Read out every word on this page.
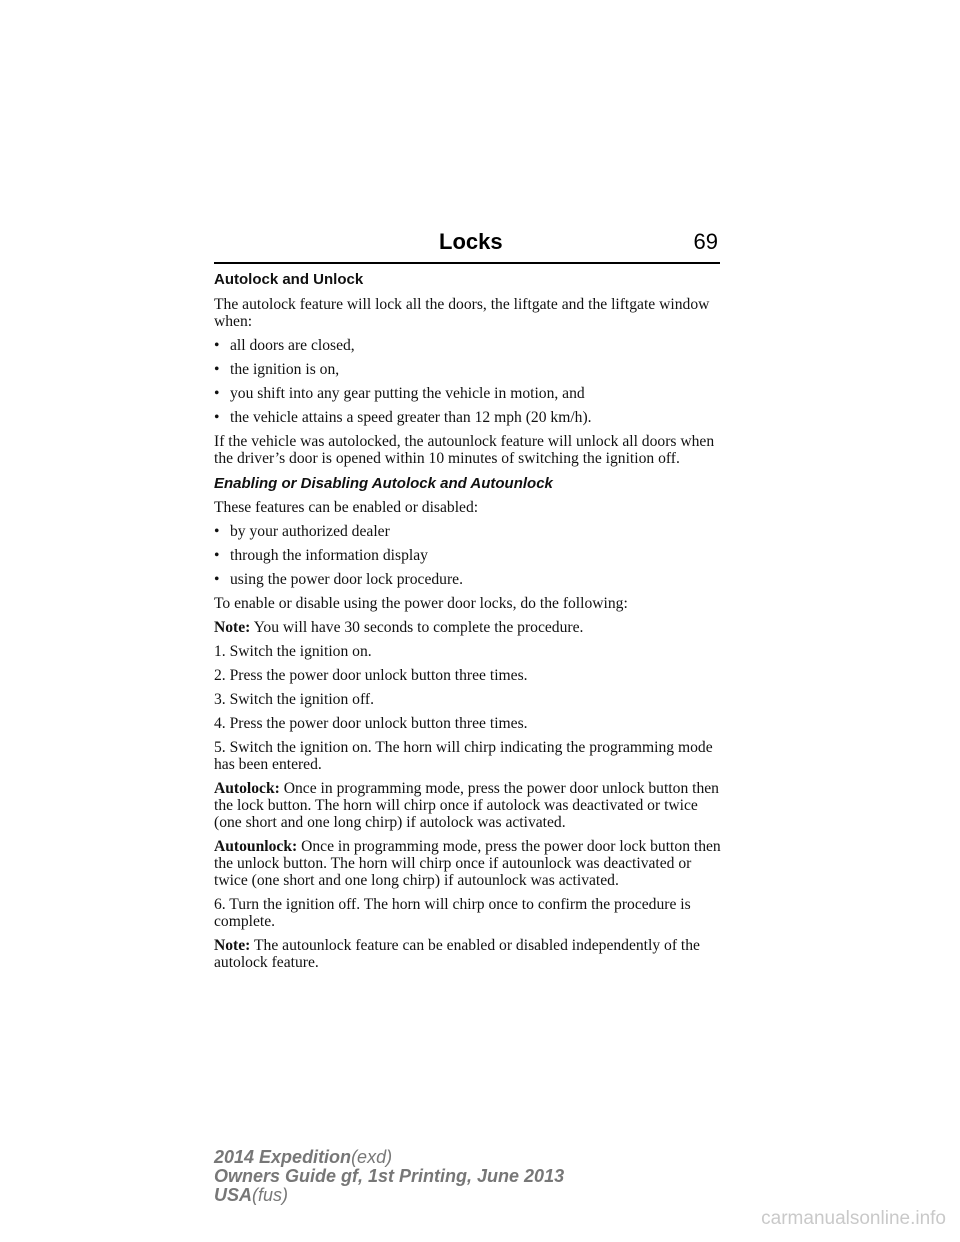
Locks	69
Autolock and Unlock

The autolock feature will lock all the doors, the liftgate and the liftgate window when:

• all doors are closed,
• the ignition is on,
• you shift into any gear putting the vehicle in motion, and
• the vehicle attains a speed greater than 12 mph (20 km/h).

If the vehicle was autolocked, the autounlock feature will unlock all doors when the driver’s door is opened within 10 minutes of switching the ignition off.

Enabling or Disabling Autolock and Autounlock

These features can be enabled or disabled:

• by your authorized dealer
• through the information display
• using the power door lock procedure.

To enable or disable using the power door locks, do the following:

Note: You will have 30 seconds to complete the procedure.

1. Switch the ignition on.

2. Press the power door unlock button three times.

3. Switch the ignition off.

4. Press the power door unlock button three times.

5. Switch the ignition on. The horn will chirp indicating the programming mode has been entered.

Autolock: Once in programming mode, press the power door unlock button then the lock button. The horn will chirp once if autolock was deactivated or twice (one short and one long chirp) if autolock was activated.

Autounlock: Once in programming mode, press the power door lock button then the unlock button. The horn will chirp once if autounlock was deactivated or twice (one short and one long chirp) if autounlock was activated.

6. Turn the ignition off. The horn will chirp once to confirm the procedure is complete.

Note: The autounlock feature can be enabled or disabled independently of the autolock feature.

2014 Expedition(exd)
Owners Guide gf, 1st Printing, June 2013
USA(fus)
carmanualsonline.info
